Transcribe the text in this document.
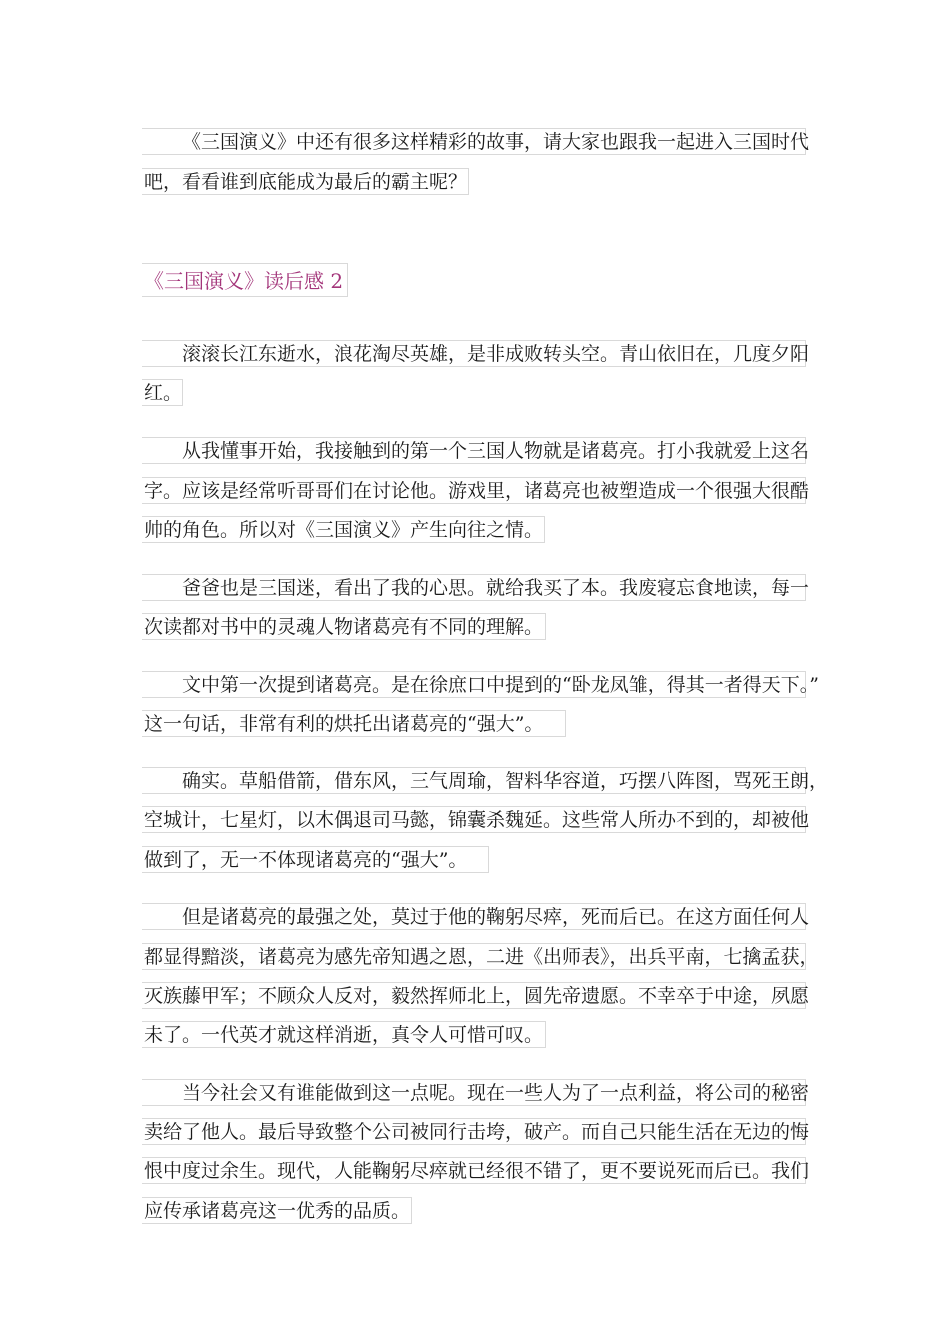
《三国演义》中还有很多这样精彩的故事，请大家也跟我一起进入三国时代
吧，看看谁到底能成为最后的霸主呢？
《三国演义》读后感 2
滚滚长江东逝水，浪花淘尽英雄，是非成败转头空。青山依旧在，几度夕阳
红。
从我懂事开始，我接触到的第一个三国人物就是诸葛亮。打小我就爱上这名
字。应该是经常听哥哥们在讨论他。游戏里，诸葛亮也被塑造成一个很强大很酷
帅的角色。所以对《三国演义》产生向往之情。
爸爸也是三国迷，看出了我的心思。就给我买了本。我废寝忘食地读，每一
次读都对书中的灵魂人物诸葛亮有不同的理解。
文中第一次提到诸葛亮。是在徐庶口中提到的“卧龙凤雏，得其一者得天下。”
这一句话，非常有利的烘托出诸葛亮的“强大”。
确实。草船借箭，借东风，三气周瑜，智料华容道，巧摆八阵图，骂死王朗，
空城计，七星灯，以木偶退司马懿，锦囊杀魏延。这些常人所办不到的，却被他
做到了，无一不体现诸葛亮的“强大”。
但是诸葛亮的最强之处，莫过于他的鞠躬尽瘁，死而后已。在这方面任何人
都显得黯淡，诸葛亮为感先帝知遇之恩，二进《出师表》，出兵平南，七擒孟获，
灭族藤甲军；不顾众人反对，毅然挥师北上，圆先帝遗愿。不幸卒于中途，夙愿
未了。一代英才就这样消逝，真令人可惜可叹。
当今社会又有谁能做到这一点呢。现在一些人为了一点利益，将公司的秘密
卖给了他人。最后导致整个公司被同行击垮，破产。而自己只能生活在无边的悔
恨中度过余生。现代，人能鞠躬尽瘁就已经很不错了，更不要说死而后已。我们
应传承诸葛亮这一优秀的品质。
